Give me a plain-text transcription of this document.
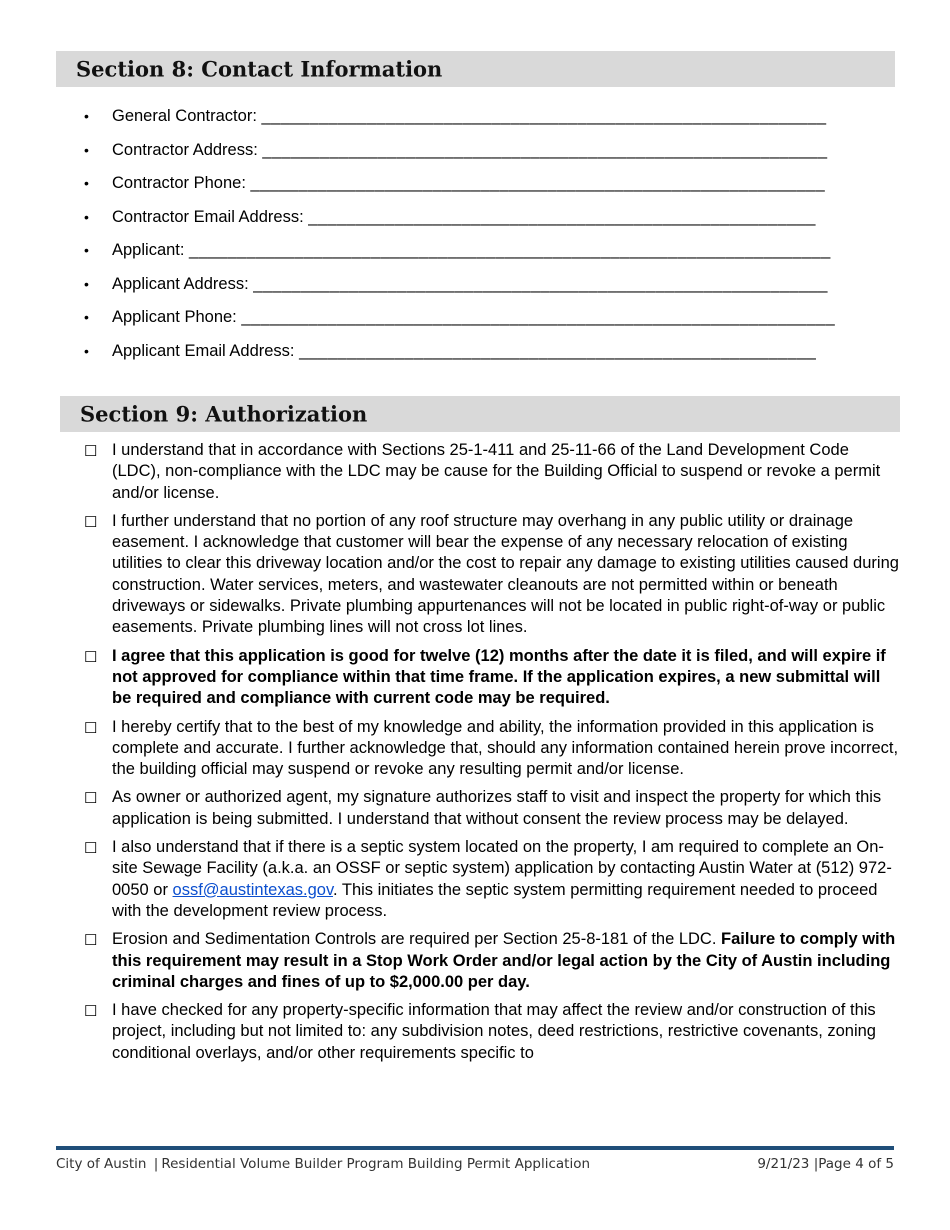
Section 8: Contact Information
• General Contractor: ___________________________________________________________
• Contractor Address: ___________________________________________________________
• Contractor Phone: ____________________________________________________________
• Contractor Email Address: _____________________________________________________
• Applicant: ___________________________________________________________________
• Applicant Address: ____________________________________________________________
• Applicant Phone: ______________________________________________________________
• Applicant Email Address: ______________________________________________________
Section 9: Authorization
☐ I understand that in accordance with Sections 25-1-411 and 25-11-66 of the Land Development Code (LDC), non-compliance with the LDC may be cause for the Building Official to suspend or revoke a permit and/or license.
☐ I further understand that no portion of any roof structure may overhang in any public utility or drainage easement. I acknowledge that customer will bear the expense of any necessary relocation of existing utilities to clear this driveway location and/or the cost to repair any damage to existing utilities caused during construction. Water services, meters, and wastewater cleanouts are not permitted within or beneath driveways or sidewalks. Private plumbing appurtenances will not be located in public right-of-way or public easements. Private plumbing lines will not cross lot lines.
☐ I agree that this application is good for twelve (12) months after the date it is filed, and will expire if not approved for compliance within that time frame. If the application expires, a new submittal will be required and compliance with current code may be required.
☐ I hereby certify that to the best of my knowledge and ability, the information provided in this application is complete and accurate. I further acknowledge that, should any information contained herein prove incorrect, the building official may suspend or revoke any resulting permit and/or license.
☐ As owner or authorized agent, my signature authorizes staff to visit and inspect the property for which this application is being submitted. I understand that without consent the review process may be delayed.
☐ I also understand that if there is a septic system located on the property, I am required to complete an On-site Sewage Facility (a.k.a. an OSSF or septic system) application by contacting Austin Water at (512) 972-0050 or ossf@austintexas.gov. This initiates the septic system permitting requirement needed to proceed with the development review process.
☐ Erosion and Sedimentation Controls are required per Section 25-8-181 of the LDC. Failure to comply with this requirement may result in a Stop Work Order and/or legal action by the City of Austin including criminal charges and fines of up to $2,000.00 per day.
☐ I have checked for any property-specific information that may affect the review and/or construction of this project, including but not limited to: any subdivision notes, deed restrictions, restrictive covenants, zoning conditional overlays, and/or other requirements specific to
City of Austin | Residential Volume Builder Program Building Permit Application	9/21/23 |Page 4 of 5
